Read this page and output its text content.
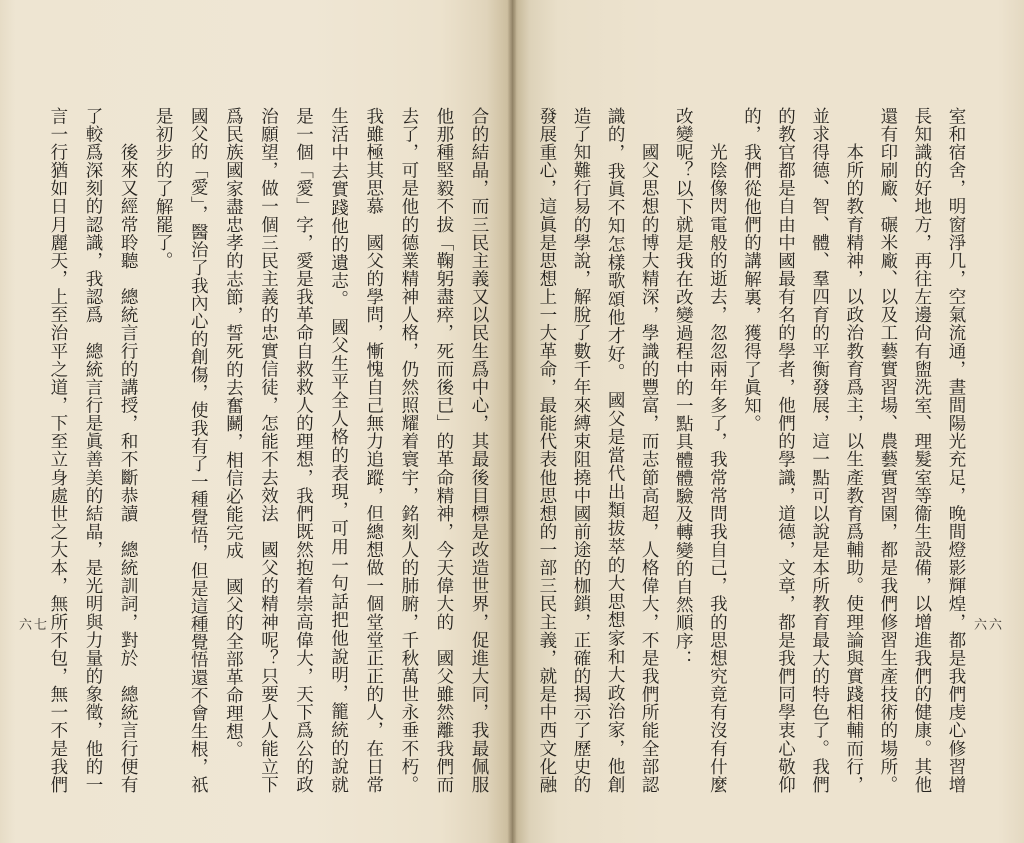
室和宿舍，明窗淨几，空氣流通，晝間陽光充足，晚間燈影輝煌，都是我們虔心修習增
長知識的好地方，再往左邊尙有盥洗室、理髮室等衞生設備，以增進我們的健康。其他
還有印刷廠、碾米廠、以及工藝實習場、農藝實習園，都是我們修習生產技術的場所。
　　本所的教育精神，以政治教育爲主，以生產教育爲輔助。使理論與實踐相輔而行，
並求得德、智、體、羣四育的平衡發展，這一點可以說是本所教育最大的特色了。我們
的教官都是自由中國最有名的學者，他們的學識，道德，文章，都是我們同學衷心敬仰
的，我們從他們的講解裏，獲得了眞知。
　　光陰像閃電般的逝去，忽忽兩年多了，我常常問我自己，我的思想究竟有沒有什麼
改變呢？以下就是我在改變過程中的一點具體體驗及轉變的自然順序：
　　國父思想的博大精深，學識的豐富，而志節高超，人格偉大，不是我們所能全部認
識的，我眞不知怎樣歌頌他才好。　國父是當代出類拔萃的大思想家和大政治家，他創
造了知難行易的學說，解脫了數千年來縛束阻撓中國前途的枷鎖，正確的揭示了歷史的
發展重心，這眞是思想上一大革命，最能代表他思想的一部三民主義，就是中西文化融	六六
合的結晶，而三民主義又以民生爲中心，其最後目標是改造世界，促進大同，我最佩服
他那種堅毅不拔「鞠躬盡瘁，死而後已」的革命精神，今天偉大的　國父雖然離我們而
去了，可是他的德業精神人格，仍然照耀着寰宇，銘刻人的肺腑，千秋萬世永垂不朽。
我雖極其思慕　國父的學問，慚愧自己無力追蹤，但總想做一個堂堂正正的人，在日常
生活中去實踐他的遺志。　國父生平全人格的表現，可用一句話把他說明，籠統的說就
是一個「愛」字，愛是我革命自救救人的理想，我們既然抱着崇高偉大，天下爲公的政
治願望，做一個三民主義的忠實信徒，怎能不去效法　國父的精神呢？只要人人能立下
爲民族國家盡忠孝的志節，誓死的去奮鬭，相信必能完成　國父的全部革命理想。
國父的「愛」，醫治了我內心的創傷，使我有了一種覺悟，但是這種覺悟還不會生根，祇
是初步的了解罷了。
　　後來又經常聆聽　總統言行的講授，和不斷恭讀　總統訓詞，對於　總統言行便有
了較爲深刻的認識，我認爲　總統言行是眞善美的結晶，是光明與力量的象徵，他的一
言一行猶如日月麗天，上至治平之道，下至立身處世之大本，無所不包，無一不是我們
六七
